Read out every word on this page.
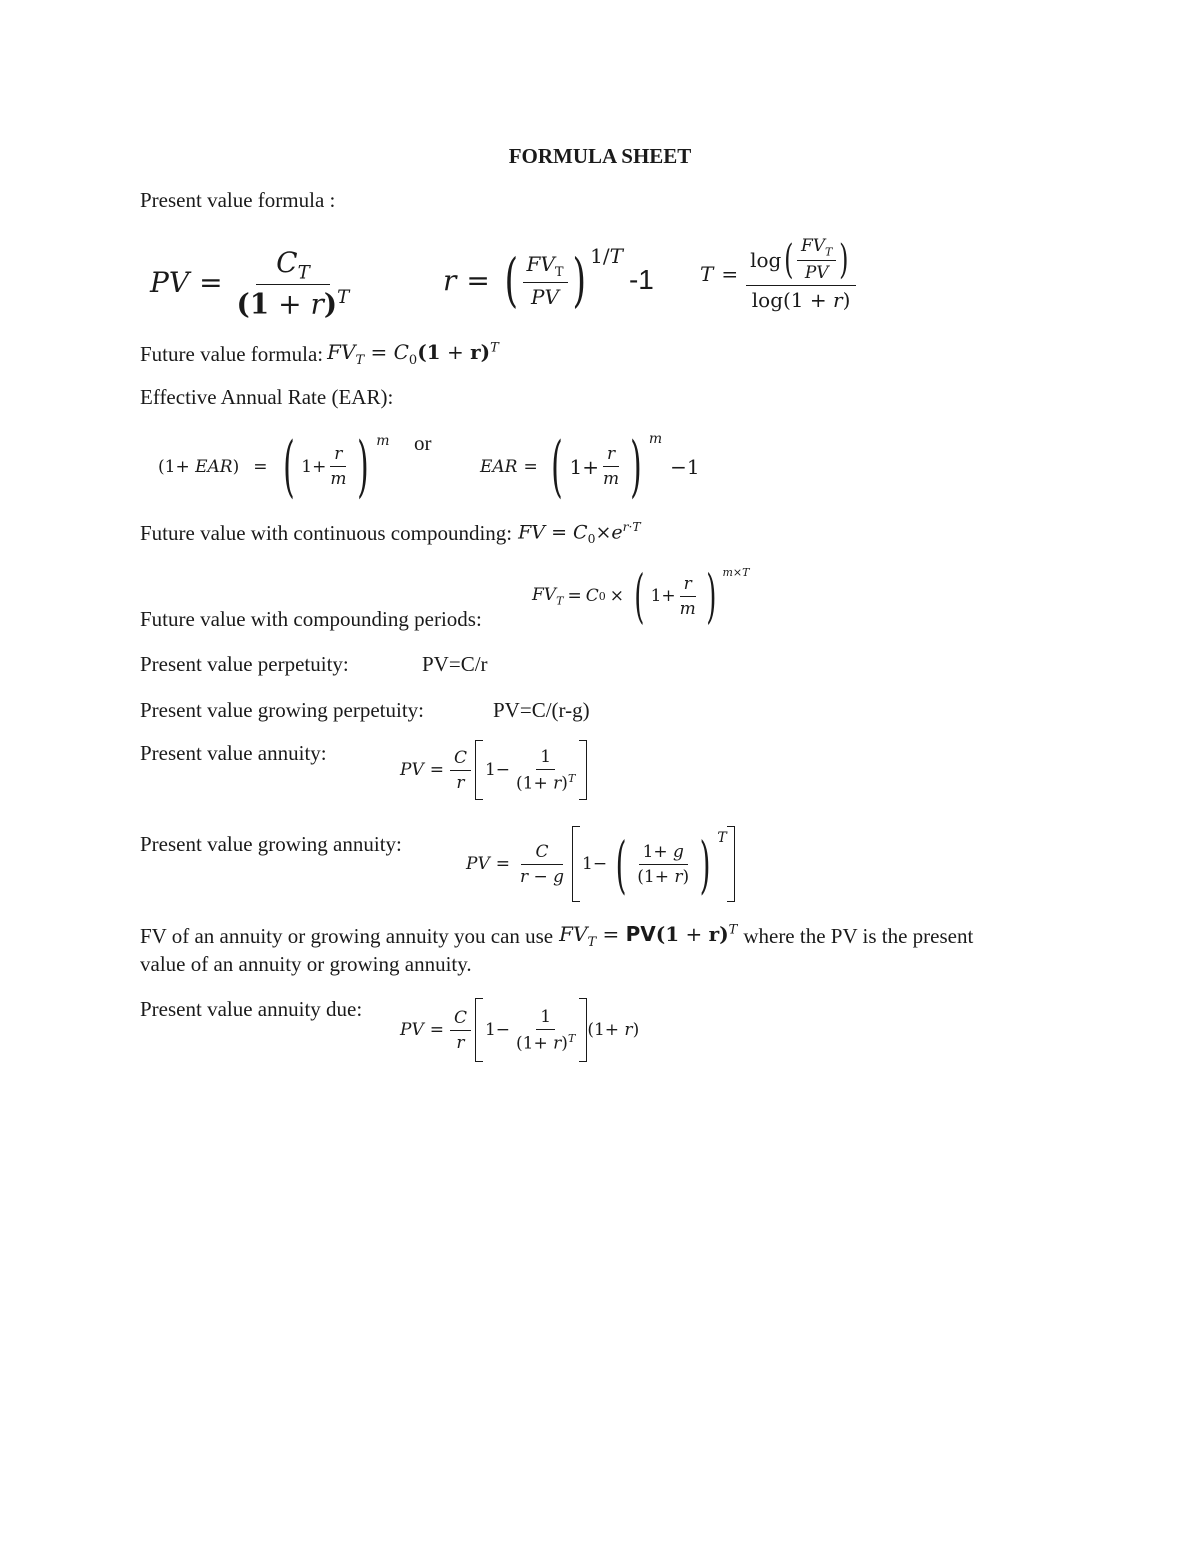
FORMULA SHEET
Present value formula :
PV = $\frac{C_T}{(1 + r)^T}$	r = ( $\frac{FV_T}{PV}$ ) 1/T
-1 $T = \frac{\log ( \frac{FV_T}{PV} )}{\log(1 + r)}$
Future value formula: $FV_T = C_0(1 + r)^T$
Effective Annual Rate (EAR):
(1+ EAR) = ( $1+ \frac{r}{m}$ ) m or
EAR = ( $1+ \frac{r}{m}$ ) m
−1
Future value with continuous compounding: FV = $C_0\times e^{r\cdot T}$
Future value with compounding periods:
$FV_T = C$ 0 × ( $1+ \frac{r}{m}$ ) m×T
Present value perpetuity:	PV=C/r
Present value growing perpetuity:	PV=C/(r-g)
Present value annuity:
PV = $\frac{C}{r} 1- \frac{1}{(1+ r)^T}$
Present value growing annuity:
PV = $\frac{C}{r - g} 1-$ ( $\frac{1+ g}{(1+ r)}$ ) T
FV of an annuity or growing annuity you can use $FV_T = PV(1 + r)^T$ where the PV is the present
value of an annuity or growing annuity.
Present value annuity due:
PV = $\frac{C}{r} 1- \frac{1}{(1+ r)^T} (1+ r)$
